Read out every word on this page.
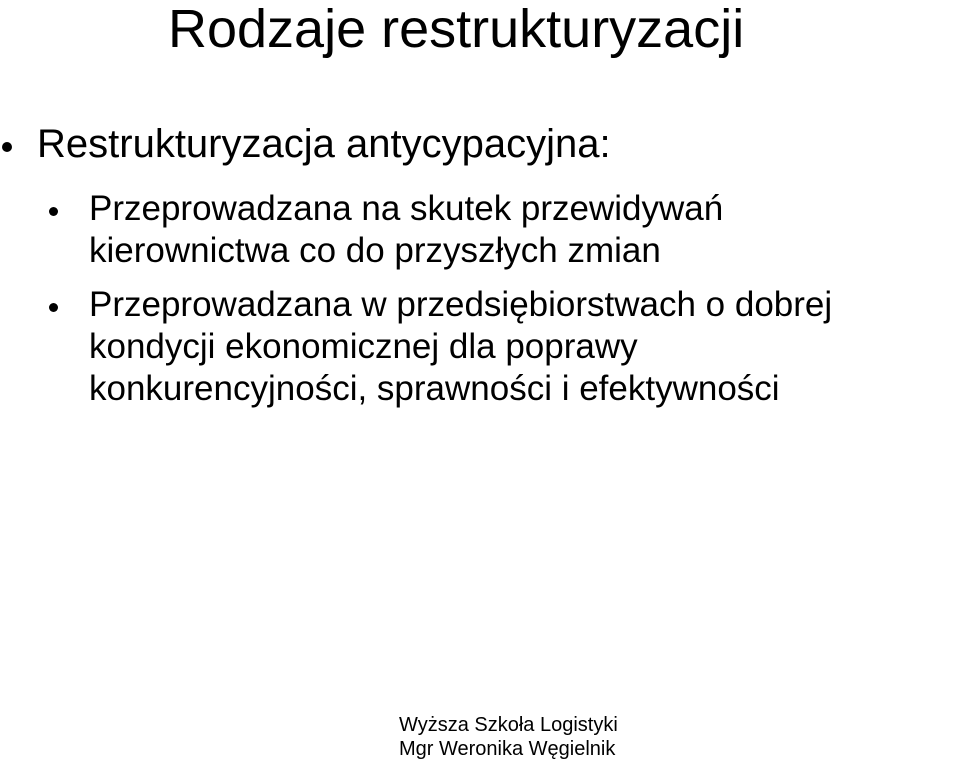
Rodzaje restrukturyzacji
Restrukturyzacja antycypacyjna:
Przeprowadzana na skutek przewidywań
kierownictwa co do przyszłych zmian
Przeprowadzana w przedsiębiorstwach o dobrej
kondycji ekonomicznej dla poprawy
konkurencyjności, sprawności i efektywności
Wyższa Szkoła Logistyki
Mgr Weronika Węgielnik
